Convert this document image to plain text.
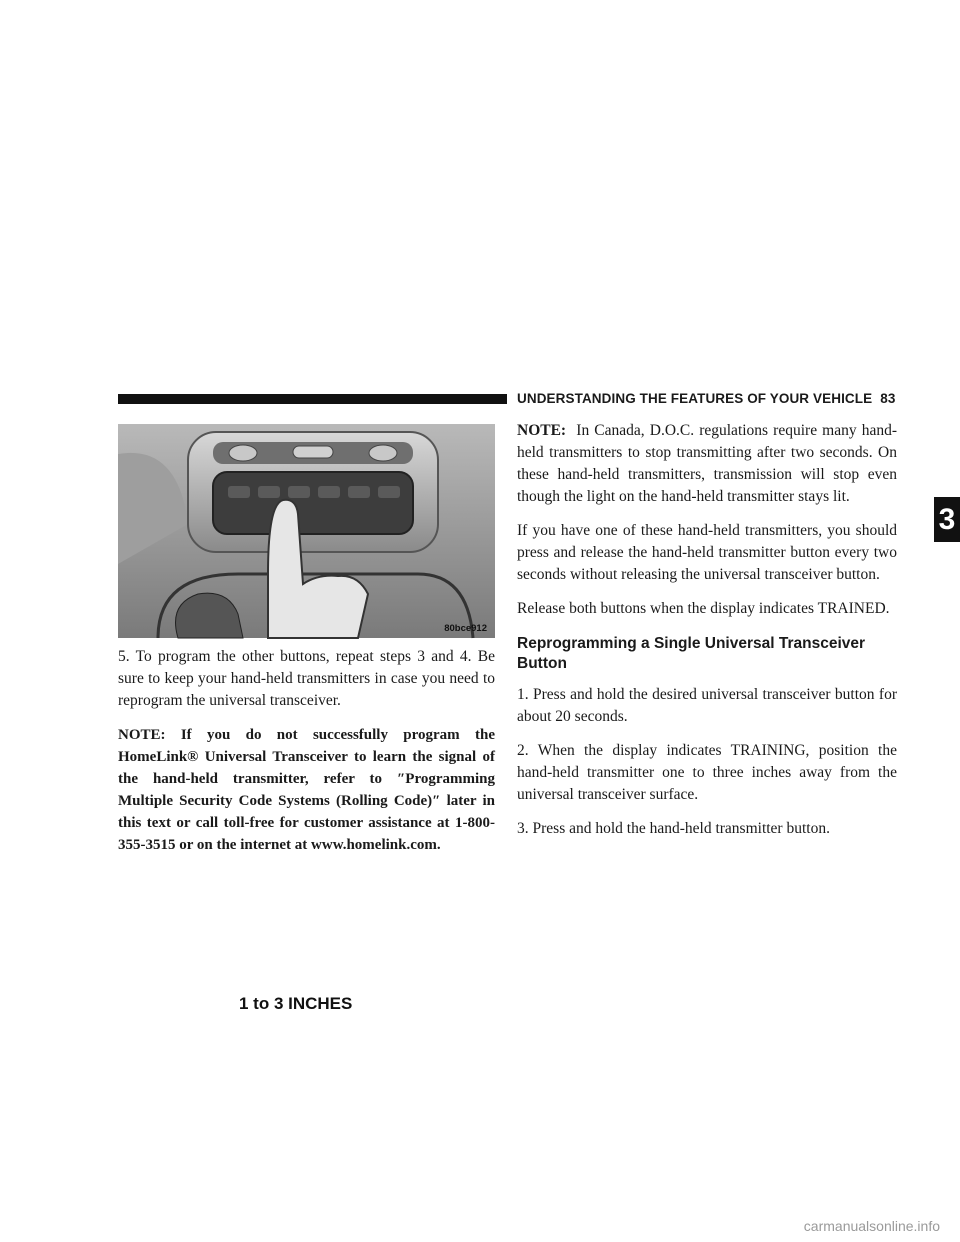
UNDERSTANDING THE FEATURES OF YOUR VEHICLE 83
1 to 3 INCHES
80bce912

5. To program the other buttons, repeat steps 3 and 4. Be sure to keep your hand-held transmitters in case you need to reprogram the universal transceiver.

NOTE: If you do not successfully program the HomeLink® Universal Transceiver to learn the signal of the hand-held transmitter, refer to ″Programming Multiple Security Code Systems (Rolling Code)″ later in this text or call toll-free for customer assistance at 1-800-355-3515 or on the internet at www.homelink.com.

NOTE: In Canada, D.O.C. regulations require many hand-held transmitters to stop transmitting after two seconds. On these hand-held transmitters, transmission will stop even though the light on the hand-held transmitter stays lit.

If you have one of these hand-held transmitters, you should press and release the hand-held transmitter button every two seconds without releasing the universal transceiver button.

Release both buttons when the display indicates TRAINED.

Reprogramming a Single Universal Transceiver Button

1. Press and hold the desired universal transceiver button for about 20 seconds.

2. When the display indicates TRAINING, position the hand-held transmitter one to three inches away from the universal transceiver surface.

3. Press and hold the hand-held transmitter button.

3
carmanualsonline.info
